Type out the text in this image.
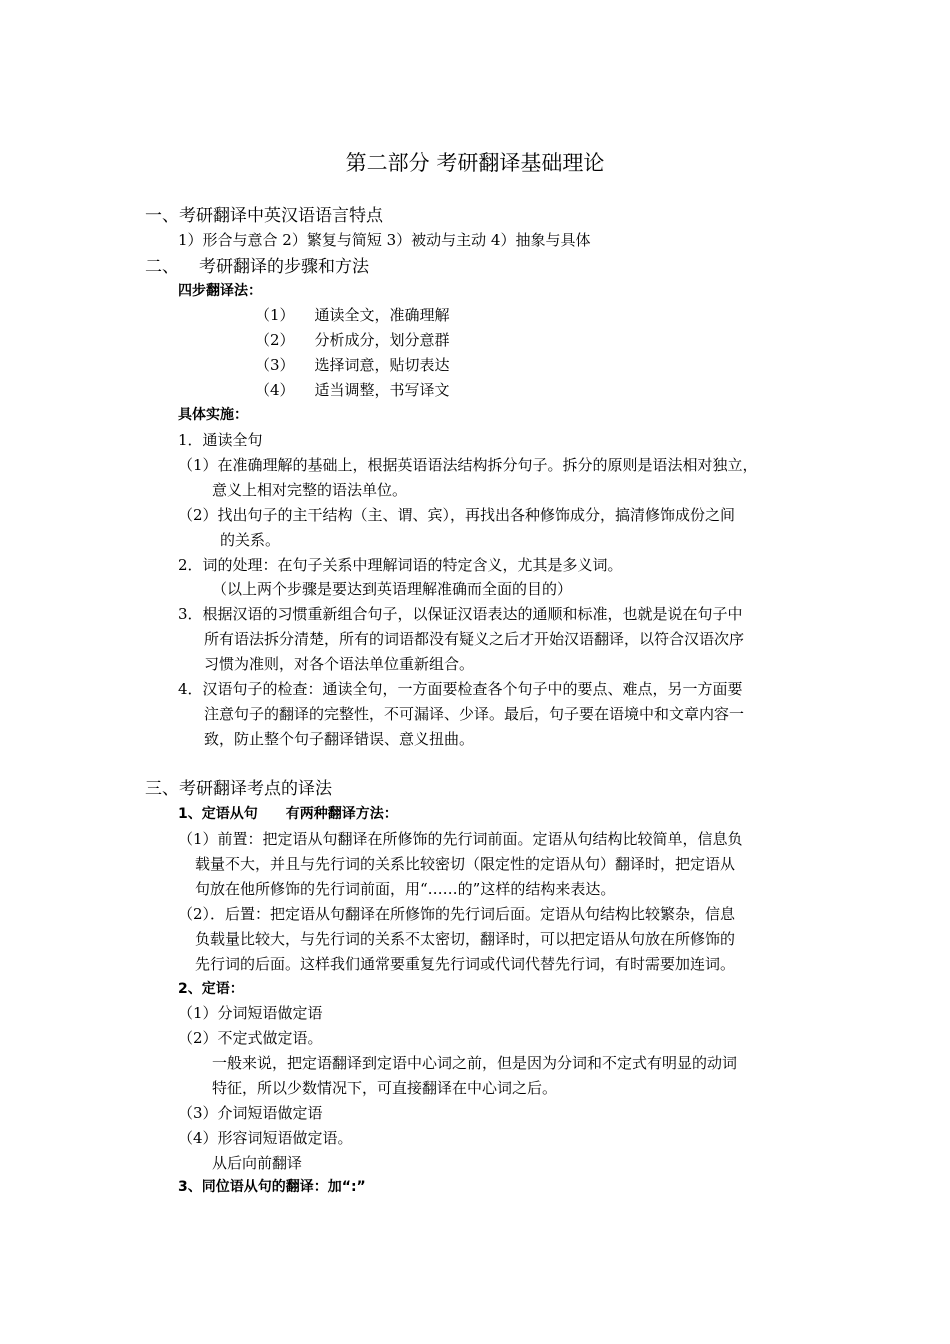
第二部分 考研翻译基础理论
一、考研翻译中英汉语语言特点
1）形合与意合 2）繁复与简短 3）被动与主动 4）抽象与具体
二、 考研翻译的步骤和方法
四步翻译法：
（1） 通读全文，准确理解
（2） 分析成分，划分意群
（3） 选择词意，贴切表达
（4） 适当调整，书写译文
具体实施：
1．通读全句
（1）在准确理解的基础上，根据英语语法结构拆分句子。拆分的原则是语法相对独立，
意义上相对完整的语法单位。
（2）找出句子的主干结构（主、谓、宾），再找出各种修饰成分，搞清修饰成份之间
的关系。
2．词的处理：在句子关系中理解词语的特定含义，尤其是多义词。
（以上两个步骤是要达到英语理解准确而全面的目的）
3．根据汉语的习惯重新组合句子，以保证汉语表达的通顺和标准，也就是说在句子中
所有语法拆分清楚，所有的词语都没有疑义之后才开始汉语翻译，以符合汉语次序
习惯为准则，对各个语法单位重新组合。
4．汉语句子的检查：通读全句，一方面要检查各个句子中的要点、难点，另一方面要
注意句子的翻译的完整性，不可漏译、少译。最后，句子要在语境中和文章内容一
致，防止整个句子翻译错误、意义扭曲。
三、考研翻译考点的译法
1、定语从句 有两种翻译方法：
（1）前置：把定语从句翻译在所修饰的先行词前面。定语从句结构比较简单，信息负
载量不大，并且与先行词的关系比较密切（限定性的定语从句）翻译时，把定语从
句放在他所修饰的先行词前面，用“……的”这样的结构来表达。
（2）．后置：把定语从句翻译在所修饰的先行词后面。定语从句结构比较繁杂，信息
负载量比较大，与先行词的关系不太密切，翻译时，可以把定语从句放在所修饰的
先行词的后面。这样我们通常要重复先行词或代词代替先行词，有时需要加连词。
2、定语：
（1）分词短语做定语
（2）不定式做定语。
一般来说，把定语翻译到定语中心词之前，但是因为分词和不定式有明显的动词
特征，所以少数情况下，可直接翻译在中心词之后。
（3）介词短语做定语
（4）形容词短语做定语。
从后向前翻译
3、同位语从句的翻译：加“:”
